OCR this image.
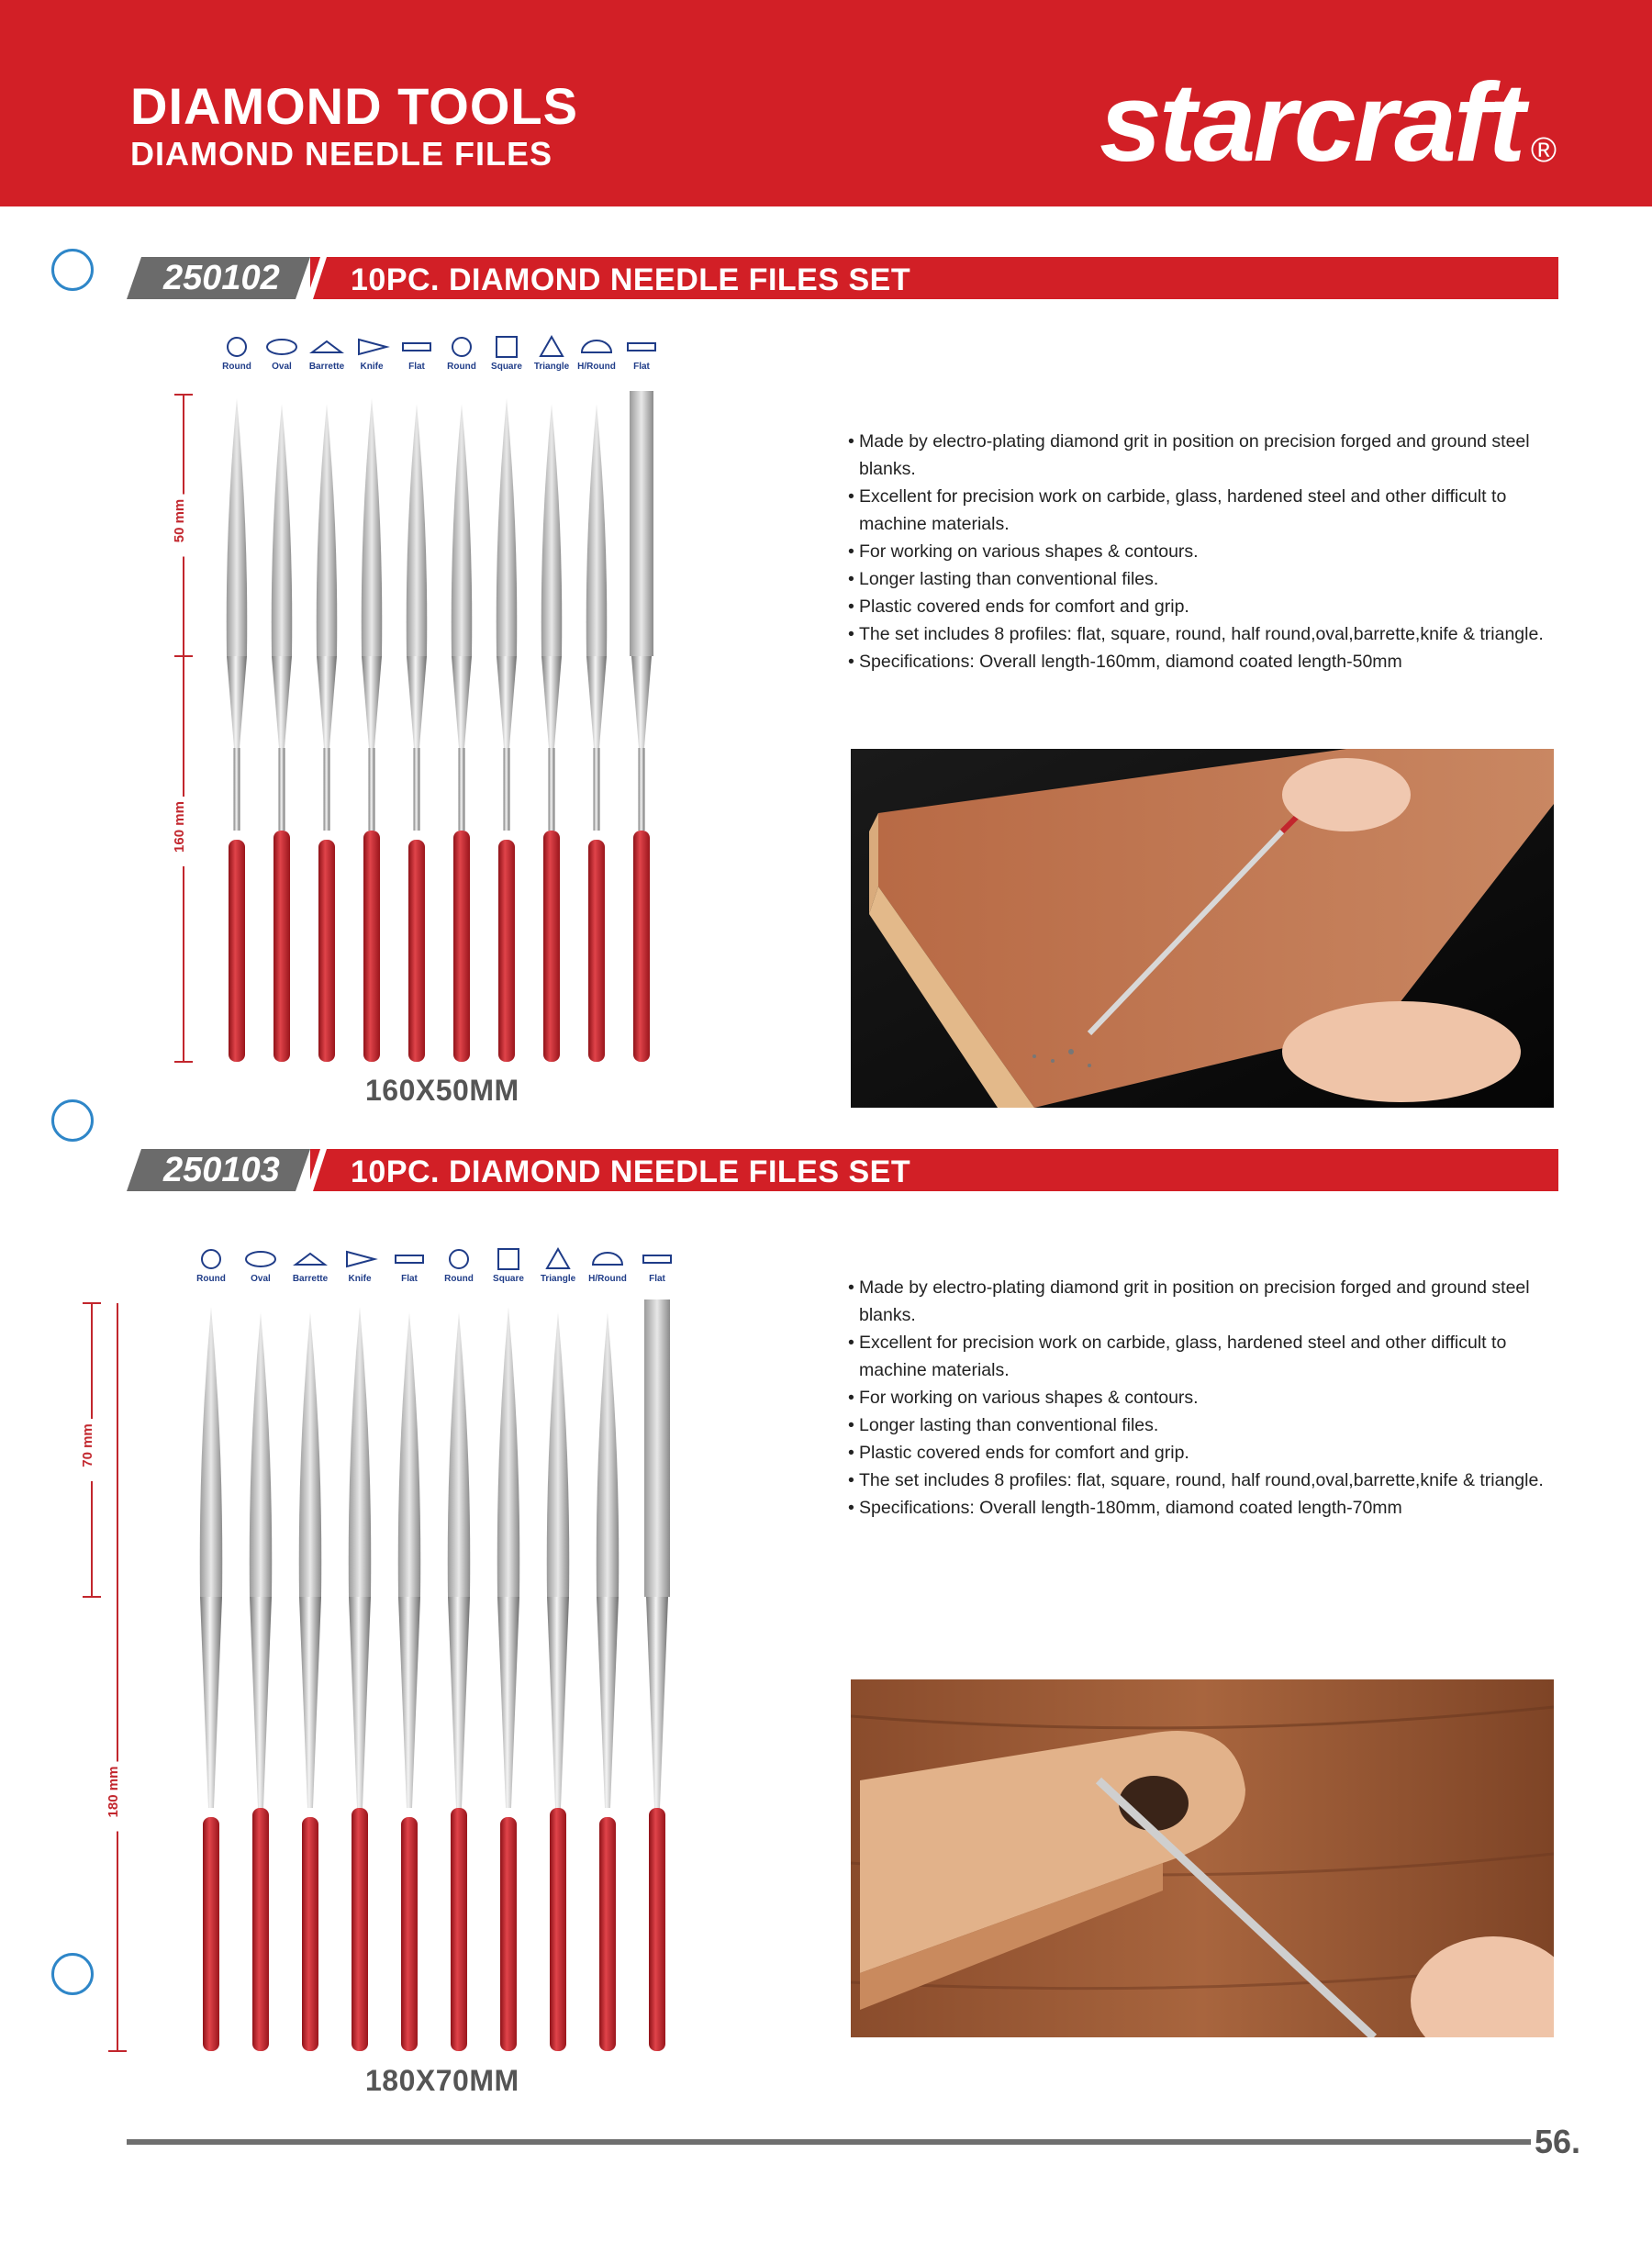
DIAMOND TOOLS
DIAMOND NEEDLE FILES	starcraft ®
250102 10PC. DIAMOND NEEDLE FILES SET
Round Oval Barrette Knife	Flat Round Square Triangle H/Round Flat
50 mm
160 mm
160X50MM
• Made by electro-plating diamond grit in position on precision forged and ground steel blanks.
• Excellent for precision work on carbide, glass, hardened steel and other difficult to machine materials.
• For working on various shapes & contours.
• Longer lasting than conventional files.
• Plastic covered ends for comfort and grip.
• The set includes 8 profiles: flat, square, round, half round,oval,barrette,knife & triangle.
• Specifications: Overall length-160mm, diamond coated length-50mm
250103 10PC. DIAMOND NEEDLE FILES SET
Round	Oval Barrette Knife	Flat	Round Square Triangle H/Round Flat
70 mm
180 mm
180X70MM
• Made by electro-plating diamond grit in position on precision forged and ground steel blanks.
• Excellent for precision work on carbide, glass, hardened steel and other difficult to machine materials.
• For working on various shapes & contours.
• Longer lasting than conventional files.
• Plastic covered ends for comfort and grip.
• The set includes 8 profiles: flat, square, round, half round,oval,barrette,knife & triangle.
• Specifications: Overall length-180mm, diamond coated length-70mm
56.
